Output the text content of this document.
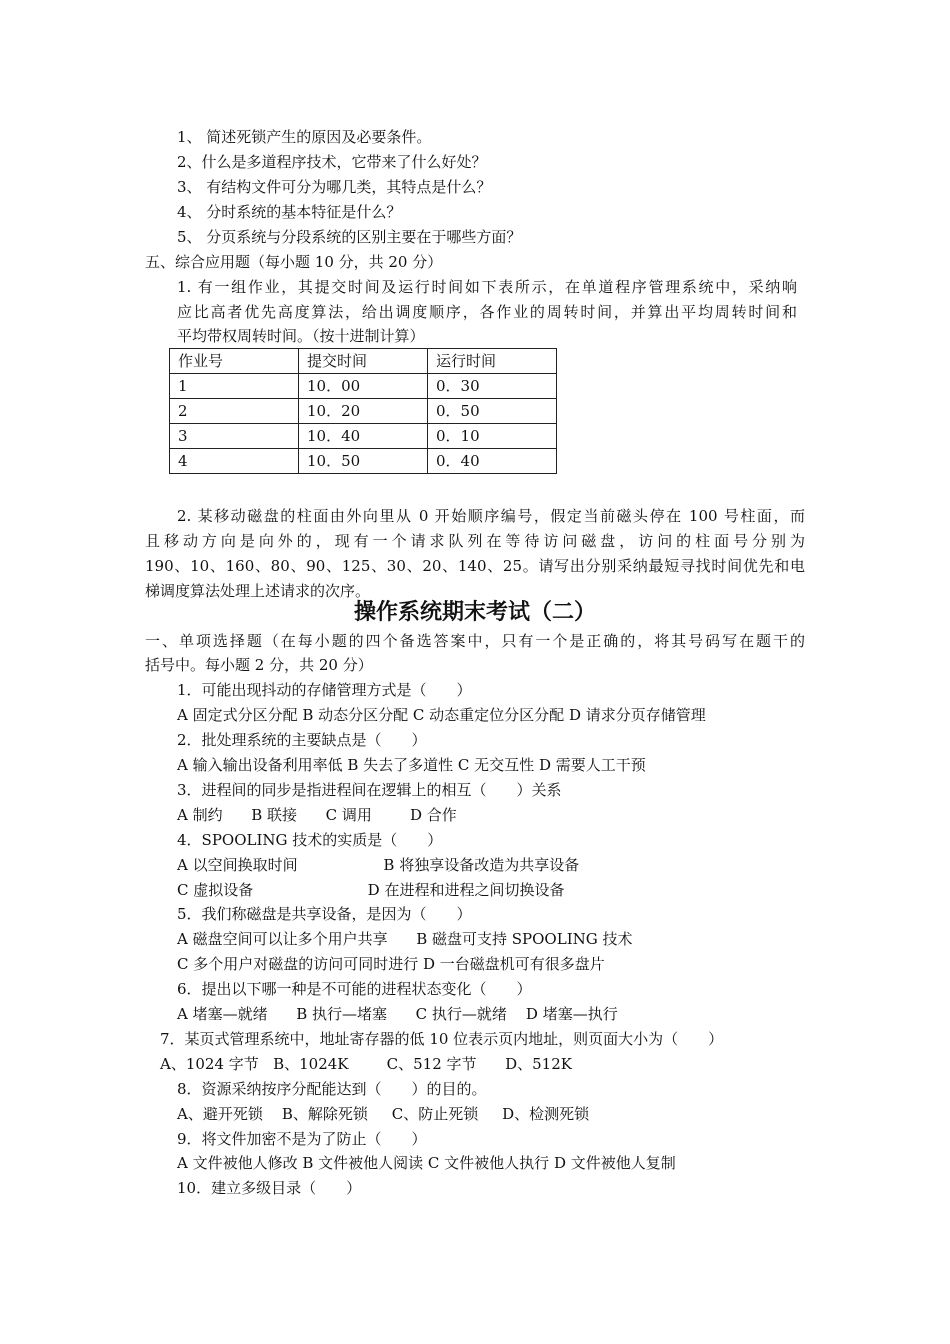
1、 简述死锁产生的原因及必要条件。
2、什么是多道程序技术，它带来了什么好处？
3、 有结构文件可分为哪几类，其特点是什么？
4、 分时系统的基本特征是什么？
5、 分页系统与分段系统的区别主要在于哪些方面？
五、综合应用题（每小题 10 分，共 20 分）
1. 有一组作业，其提交时间及运行时间如下表所示，在单道程序管理系统中，采纳响
应比高者优先高度算法，给出调度顺序，各作业的周转时间，并算出平均周转时间和
平均带权周转时间。（按十进制计算）
作业号	提交时间	运行时间
1	10．00	0．30
2	10．20	0．50
3	10．40	0．10
4	10．50	0．40
2. 某移动磁盘的柱面由外向里从 0 开始顺序编号，假定当前磁头停在 100 号柱面，而
且移动方向是向外的，现有一个请求队列在等待访问磁盘，访问的柱面号分别为
190、10、160、80、90、125、30、20、140、25。请写出分别采纳最短寻找时间优先和电
梯调度算法处理上述请求的次序。
操作系统期末考试（二）
一、单项选择题（在每小题的四个备选答案中，只有一个是正确的，将其号码写在题干的
括号中。每小题 2 分，共 20 分）
1．可能出现抖动的存储管理方式是（　　）
A 固定式分区分配 B 动态分区分配 C 动态重定位分区分配 D 请求分页存储管理
2．批处理系统的主要缺点是（　　）
A 输入输出设备利用率低 B 失去了多道性 C 无交互性 D 需要人工干预
3．进程间的同步是指进程间在逻辑上的相互（　　）关系
A 制约      B 联接      C 调用        D 合作
4．SPOOLING 技术的实质是（　　）
A 以空间换取时间                  B 将独享设备改造为共享设备
C 虚拟设备                        D 在进程和进程之间切换设备
5．我们称磁盘是共享设备，是因为（　　）
A 磁盘空间可以让多个用户共享      B 磁盘可支持 SPOOLING 技术
C 多个用户对磁盘的访问可同时进行 D 一台磁盘机可有很多盘片
6．提出以下哪一种是不可能的进程状态变化（　　）
A 堵塞—就绪      B 执行—堵塞      C 执行—就绪    D 堵塞—执行
7．某页式管理系统中，地址寄存器的低 10 位表示页内地址，则页面大小为（　　）
A、1024 字节   B、1024K        C、512 字节      D、512K
8．资源采纳按序分配能达到（　　）的目的。
A、避开死锁    B、解除死锁     C、防止死锁     D、检测死锁
9．将文件加密不是为了防止（　　）
A 文件被他人修改 B 文件被他人阅读 C 文件被他人执行 D 文件被他人复制
10．建立多级目录（　　）
